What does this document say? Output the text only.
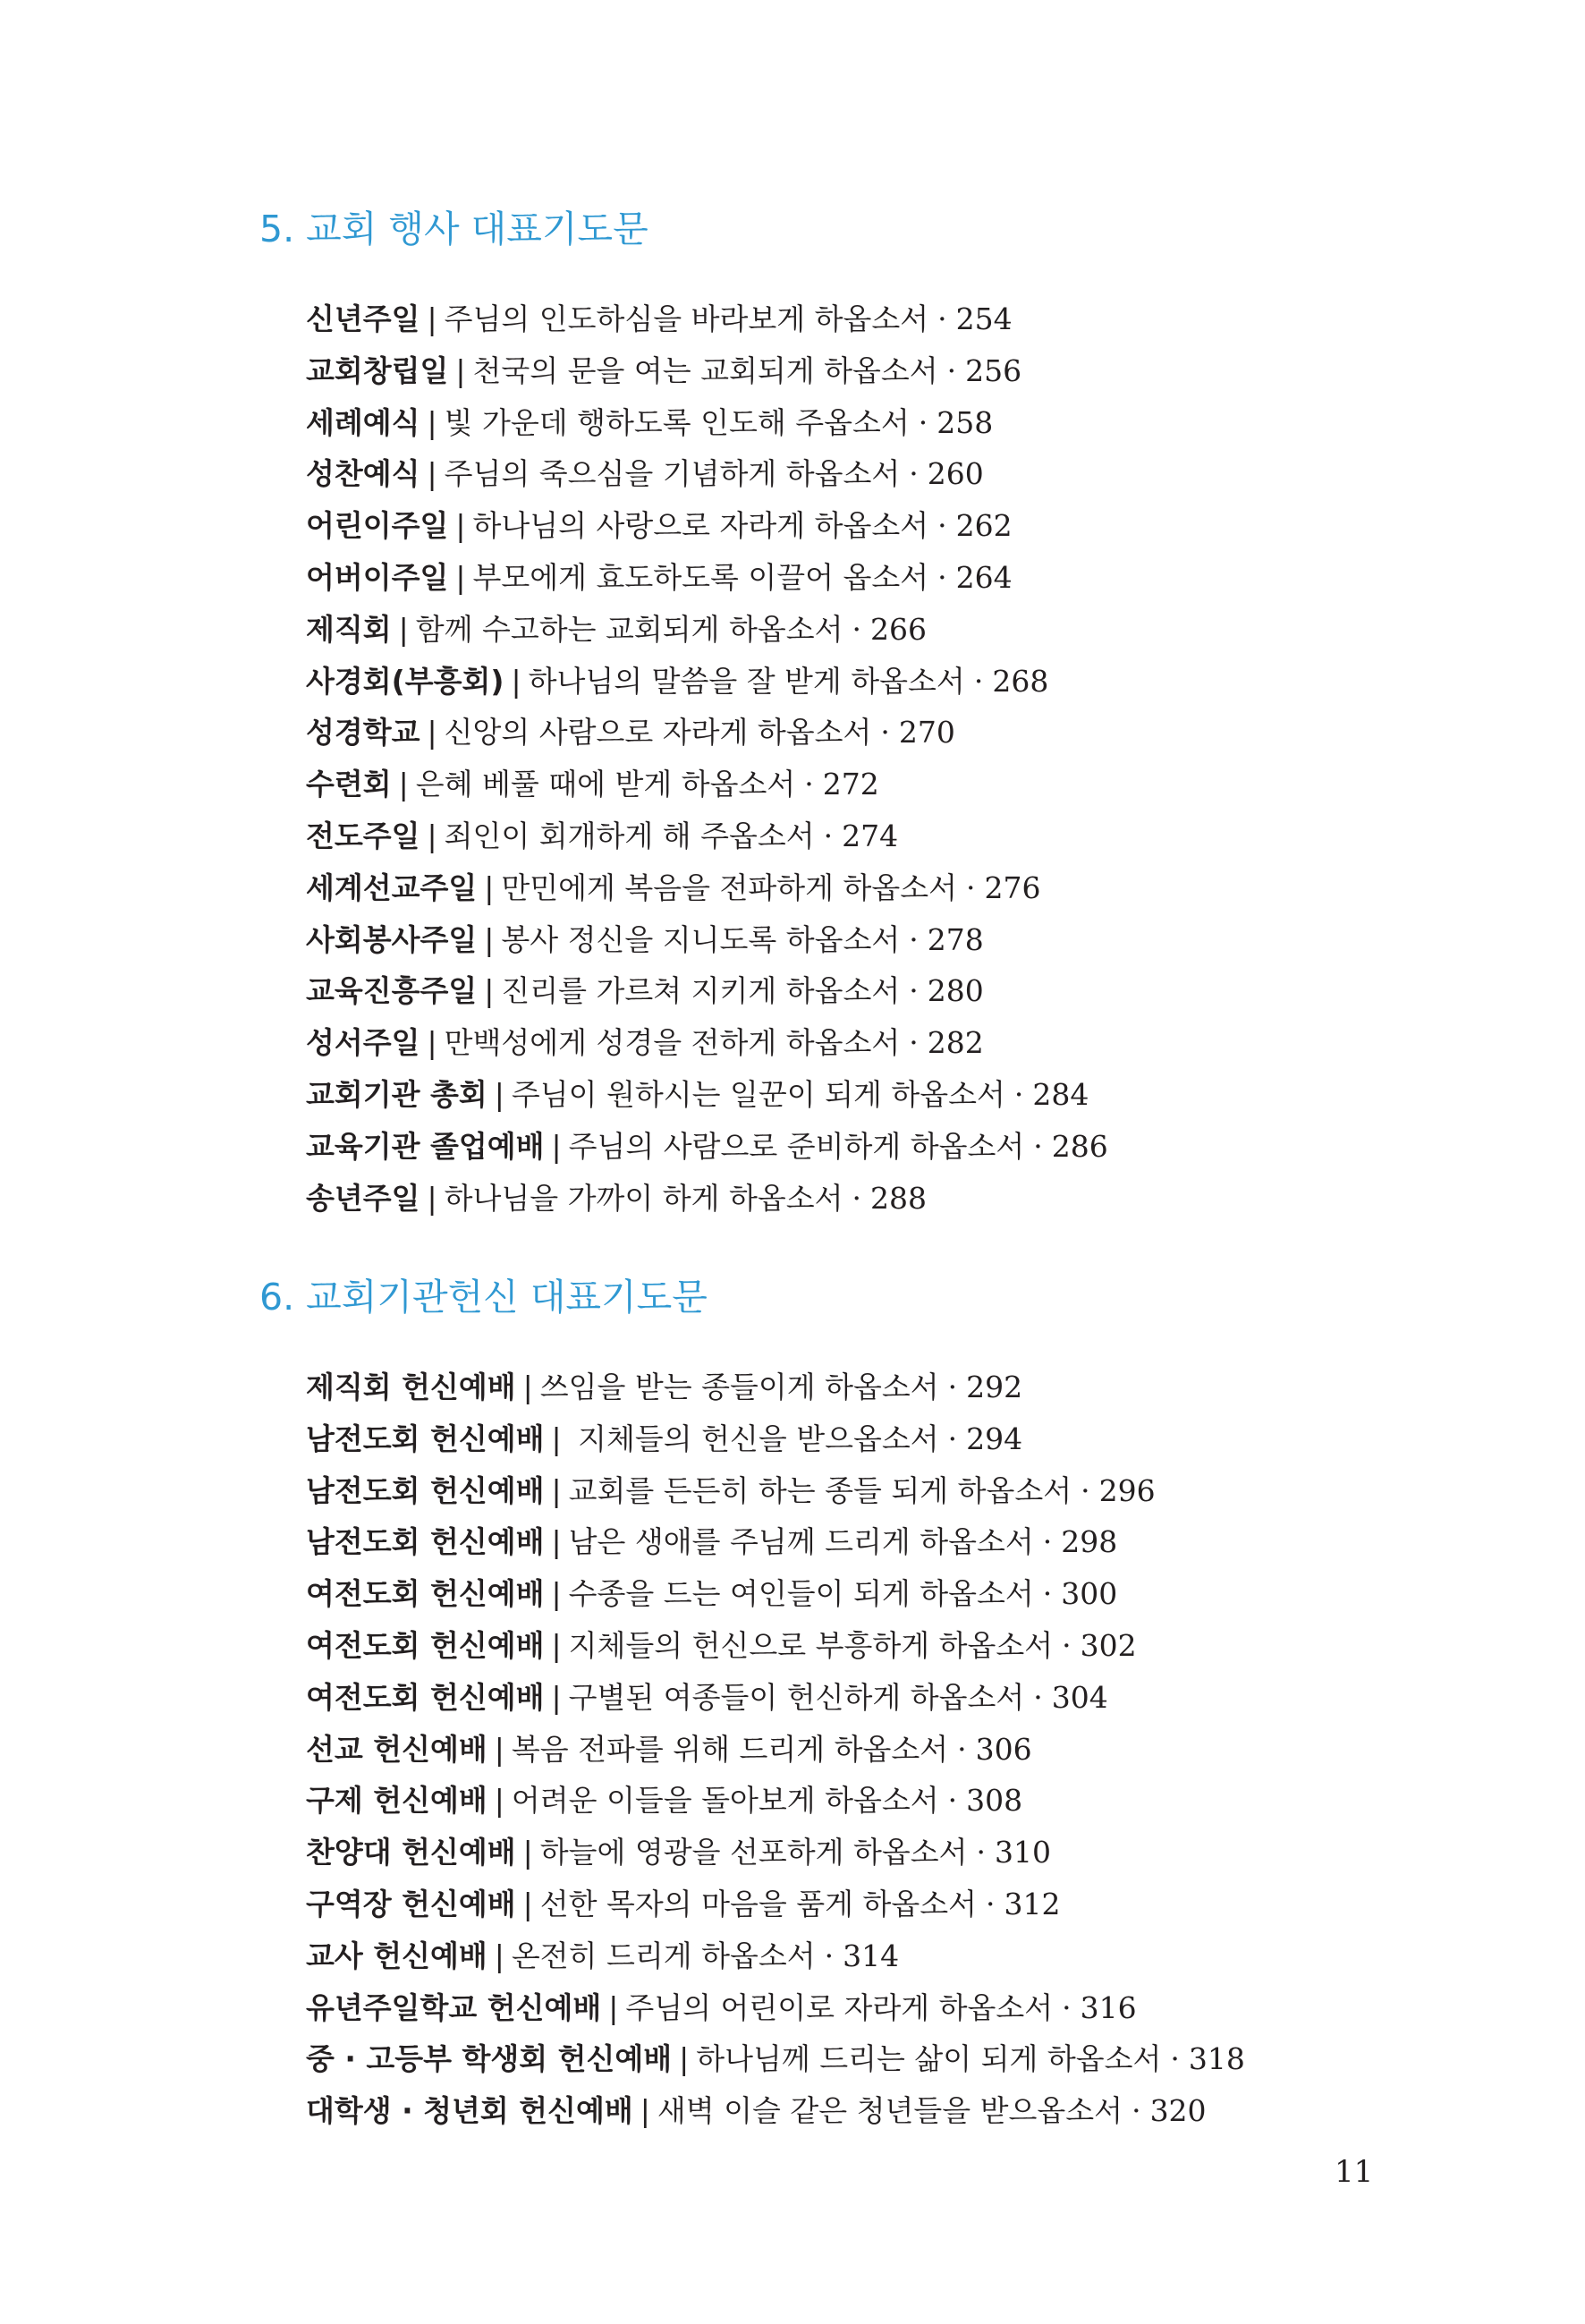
5. 교회 행사 대표기도문
신년주일 | 주님의 인도하심을 바라보게 하옵소서 · 254
교회창립일 | 천국의 문을 여는 교회되게 하옵소서 · 256
세례예식 | 빛 가운데 행하도록 인도해 주옵소서 · 258
성찬예식 | 주님의 죽으심을 기념하게 하옵소서 · 260
어린이주일 | 하나님의 사랑으로 자라게 하옵소서 · 262
어버이주일 | 부모에게 효도하도록 이끌어 옵소서 · 264
제직회 | 함께 수고하는 교회되게 하옵소서 · 266
사경회(부흥회) | 하나님의 말씀을 잘 받게 하옵소서 · 268
성경학교 | 신앙의 사람으로 자라게 하옵소서 · 270
수련회 | 은혜 베풀 때에 받게 하옵소서 · 272
전도주일 | 죄인이 회개하게 해 주옵소서 · 274
세계선교주일 | 만민에게 복음을 전파하게 하옵소서 · 276
사회봉사주일 | 봉사 정신을 지니도록 하옵소서 · 278
교육진흥주일 | 진리를 가르쳐 지키게 하옵소서 · 280
성서주일 | 만백성에게 성경을 전하게 하옵소서 · 282
교회기관 총회 | 주님이 원하시는 일꾼이 되게 하옵소서 · 284
교육기관 졸업예배 | 주님의 사람으로 준비하게 하옵소서 · 286
송년주일 | 하나님을 가까이 하게 하옵소서 · 288
6. 교회기관헌신 대표기도문
제직회 헌신예배 | 쓰임을 받는 종들이게 하옵소서 · 292
남전도회 헌신예배 | 지체들의 헌신을 받으옵소서 · 294
남전도회 헌신예배 | 교회를 든든히 하는 종들 되게 하옵소서 · 296
남전도회 헌신예배 | 남은 생애를 주님께 드리게 하옵소서 · 298
여전도회 헌신예배 | 수종을 드는 여인들이 되게 하옵소서 · 300
여전도회 헌신예배 | 지체들의 헌신으로 부흥하게 하옵소서 · 302
여전도회 헌신예배 | 구별된 여종들이 헌신하게 하옵소서 · 304
선교 헌신예배 | 복음 전파를 위해 드리게 하옵소서 · 306
구제 헌신예배 | 어려운 이들을 돌아보게 하옵소서 · 308
찬양대 헌신예배 | 하늘에 영광을 선포하게 하옵소서 · 310
구역장 헌신예배 | 선한 목자의 마음을 품게 하옵소서 · 312
교사 헌신예배 | 온전히 드리게 하옵소서 · 314
유년주일학교 헌신예배 | 주님의 어린이로 자라게 하옵소서 · 316
중 · 고등부 학생회 헌신예배 | 하나님께 드리는 삶이 되게 하옵소서 · 318
대학생 · 청년회 헌신예배 | 새벽 이슬 같은 청년들을 받으옵소서 · 320
11
